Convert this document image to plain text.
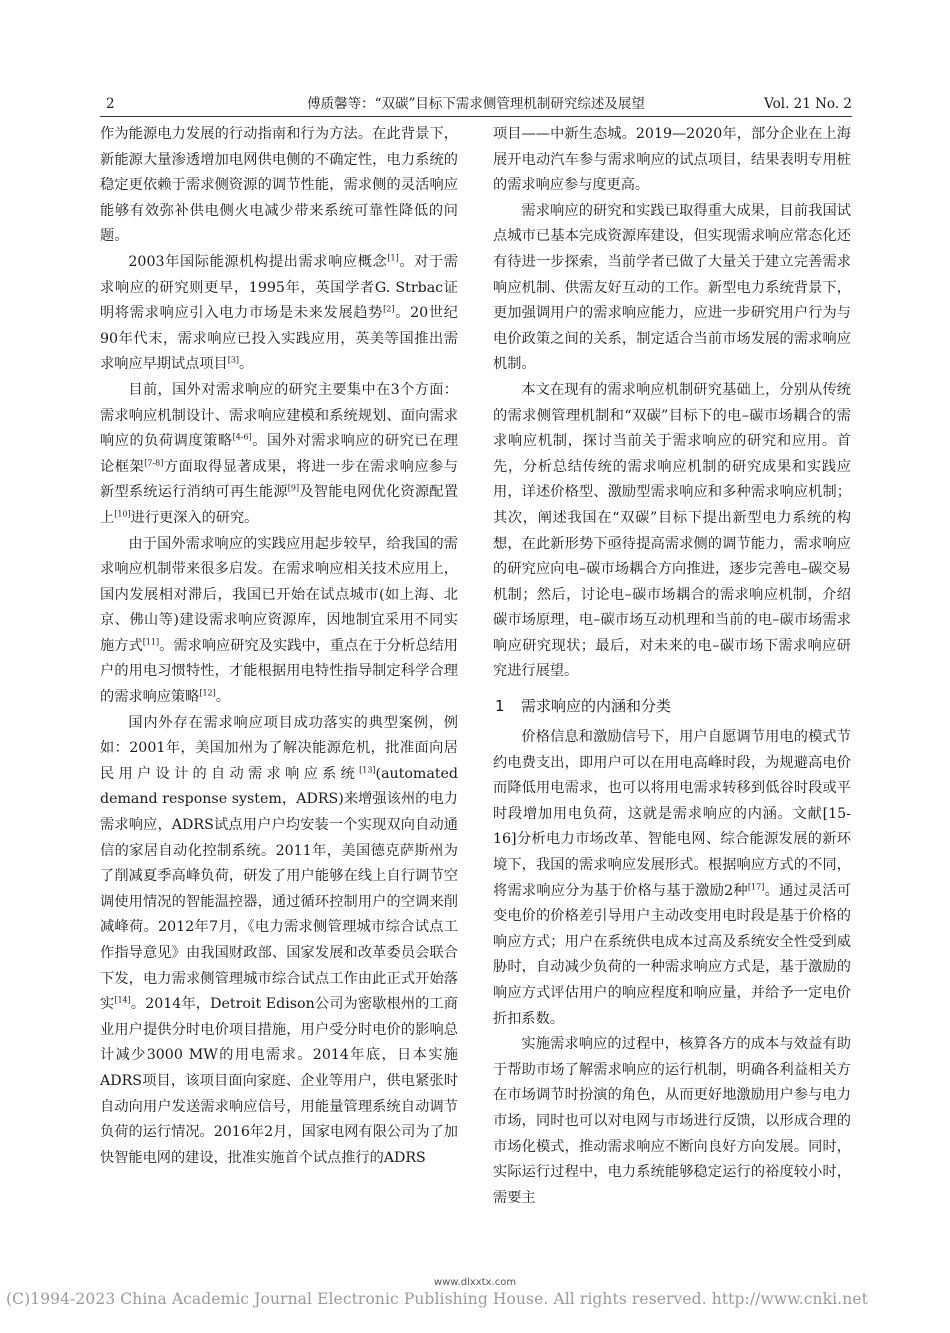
2	傅质馨等：“双碳”目标下需求侧管理机制研究综述及展望	Vol. 21 No. 2

作为能源电力发展的行动指南和行为方法。在此背景下，新能源大量渗透增加电网供电侧的不确定性，电力系统的稳定更依赖于需求侧资源的调节性能，需求侧的灵活响应能够有效弥补供电侧火电减少带来系统可靠性降低的问题。

2003年国际能源机构提出需求响应概念[1]。对于需求响应的研究则更早，1995年，英国学者G. Strbac证明将需求响应引入电力市场是未来发展趋势[2]。20世纪90年代末，需求响应已投入实践应用，英美等国推出需求响应早期试点项目[3]。

目前，国外对需求响应的研究主要集中在3个方面：需求响应机制设计、需求响应建模和系统规划、面向需求响应的负荷调度策略[4-6]。国外对需求响应的研究已在理论框架[7-8]方面取得显著成果，将进一步在需求响应参与新型系统运行消纳可再生能源[9]及智能电网优化资源配置上[10]进行更深入的研究。

由于国外需求响应的实践应用起步较早，给我国的需求响应机制带来很多启发。在需求响应相关技术应用上，国内发展相对滞后，我国已开始在试点城市(如上海、北京、佛山等)建设需求响应资源库，因地制宜采用不同实施方式[11]。需求响应研究及实践中，重点在于分析总结用户的用电习惯特性，才能根据用电特性指导制定科学合理的需求响应策略[12]。

国内外存在需求响应项目成功落实的典型案例，例如：2001年，美国加州为了解决能源危机，批准面向居民用户设计的自动需求响应系统[13](automated demand response system，ADRS)来增强该州的电力需求响应，ADRS试点用户户均安装一个实现双向自动通信的家居自动化控制系统。2011年，美国德克萨斯州为了削减夏季高峰负荷，研发了用户能够在线上自行调节空调使用情况的智能温控器，通过循环控制用户的空调来削减峰荷。2012年7月，《电力需求侧管理城市综合试点工作指导意见》由我国财政部、国家发展和改革委员会联合下发，电力需求侧管理城市综合试点工作由此正式开始落实[14]。2014年，Detroit Edison公司为密歇根州的工商业用户提供分时电价项目措施，用户受分时电价的影响总计减少3000 MW的用电需求。2014年底，日本实施ADRS项目，该项目面向家庭、企业等用户，供电紧张时自动向用户发送需求响应信号，用能量管理系统自动调节负荷的运行情况。2016年2月，国家电网有限公司为了加快智能电网的建设，批准实施首个试点推行的ADRS

项目——中新生态城。2019—2020年，部分企业在上海展开电动汽车参与需求响应的试点项目，结果表明专用桩的需求响应参与度更高。

需求响应的研究和实践已取得重大成果，目前我国试点城市已基本完成资源库建设，但实现需求响应常态化还有待进一步探索，当前学者已做了大量关于建立完善需求响应机制、供需友好互动的工作。新型电力系统背景下，更加强调用户的需求响应能力，应进一步研究用户行为与电价政策之间的关系，制定适合当前市场发展的需求响应机制。

本文在现有的需求响应机制研究基础上，分别从传统的需求侧管理机制和“双碳”目标下的电–碳市场耦合的需求响应机制，探讨当前关于需求响应的研究和应用。首先，分析总结传统的需求响应机制的研究成果和实践应用，详述价格型、激励型需求响应和多种需求响应机制；其次，阐述我国在“双碳”目标下提出新型电力系统的构想，在此新形势下亟待提高需求侧的调节能力，需求响应的研究应向电–碳市场耦合方向推进，逐步完善电–碳交易机制；然后，讨论电–碳市场耦合的需求响应机制，介绍碳市场原理，电–碳市场互动机理和当前的电–碳市场需求响应研究现状；最后，对未来的电–碳市场下需求响应研究进行展望。

1 需求响应的内涵和分类

价格信息和激励信号下，用户自愿调节用电的模式节约电费支出，即用户可以在用电高峰时段，为规避高电价而降低用电需求，也可以将用电需求转移到低谷时段或平时段增加用电负荷，这就是需求响应的内涵。文献[15-16]分析电力市场改革、智能电网、综合能源发展的新环境下，我国的需求响应发展形式。根据响应方式的不同，将需求响应分为基于价格与基于激励2种[17]。通过灵活可变电价的价格差引导用户主动改变用电时段是基于价格的响应方式；用户在系统供电成本过高及系统安全性受到威胁时，自动减少负荷的一种需求响应方式是，基于激励的响应方式评估用户的响应程度和响应量，并给予一定电价折扣系数。

实施需求响应的过程中，核算各方的成本与效益有助于帮助市场了解需求响应的运行机制，明确各利益相关方在市场调节时扮演的角色，从而更好地激励用户参与电力市场，同时也可以对电网与市场进行反馈，以形成合理的市场化模式，推动需求响应不断向良好方向发展。同时，实际运行过程中，电力系统能够稳定运行的裕度较小时，需要主

www.dlxxtx.com
(C)1994-2023 China Academic Journal Electronic Publishing House. All rights reserved. http://www.cnki.net
